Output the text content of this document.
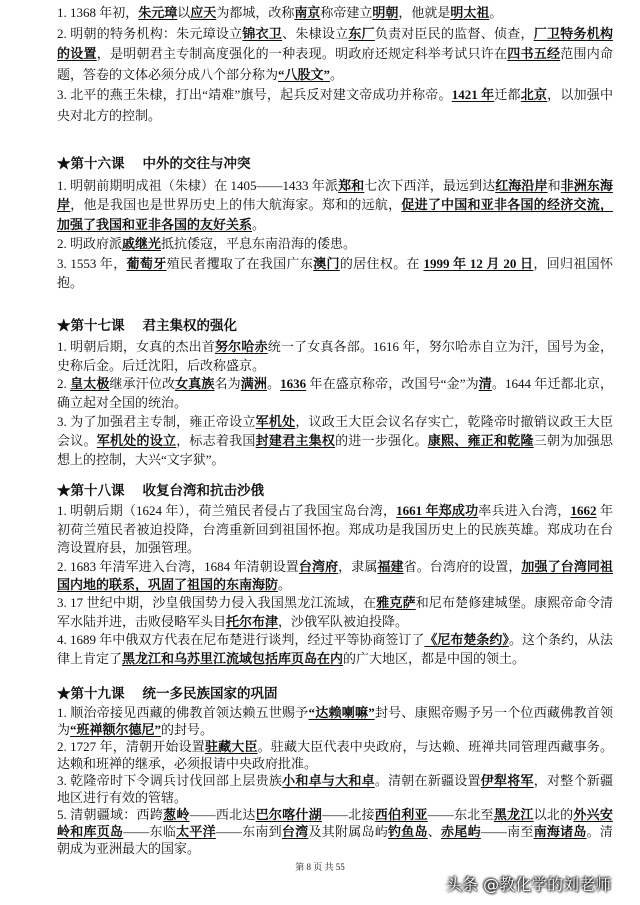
1. 1368 年初，朱元璋以应天为都城，改称南京称帝建立明朝，他就是明太祖。

2. 明朝的特务机构：朱元璋设立锦衣卫、朱棣设立东厂负责对臣民的监督、侦查，厂卫特务机构的设置，是明朝君主专制高度强化的一种表现。明政府还规定科举考试只许在四书五经范围内命题，答卷的文体必须分成八个部分称为“八股文”。

3. 北平的燕王朱棣，打出“靖难”旗号，起兵反对建文帝成功并称帝。1421 年迁都北京，以加强中央对北方的控制。

★第十六课 中外的交往与冲突

1. 明朝前期明成祖（朱棣）在 1405——1433 年派郑和七次下西洋，最远到达红海沿岸和非洲东海岸，他是我国也是世界历史上的伟大航海家。郑和的远航，促进了中国和亚非各国的经济交流，加强了我国和亚非各国的友好关系。

2. 明政府派戚继光抵抗倭寇，平息东南沿海的倭患。

3. 1553 年，葡萄牙殖民者攫取了在我国广东澳门的居住权。在 1999 年 12 月 20 日，回归祖国怀抱。

★第十七课 君主集权的强化

1. 明朝后期，女真的杰出首努尔哈赤统一了女真各部。1616 年，努尔哈赤自立为汗，国号为金，史称后金。后迁沈阳，后改称盛京。

2. 皇太极继承汗位改女真族名为满洲。1636 年在盛京称帝，改国号“金”为清。1644 年迁都北京，确立起对全国的统治。

3. 为了加强君主专制，雍正帝设立军机处，议政王大臣会议名存实亡，乾隆帝时撤销议政王大臣会议。军机处的设立，标志着我国封建君主集权的进一步强化。康熙、雍正和乾隆三朝为加强思想上的控制，大兴“文字狱”。

★第十八课 收复台湾和抗击沙俄

1. 明朝后期（1624 年），荷兰殖民者侵占了我国宝岛台湾，1661 年郑成功率兵进入台湾，1662 年初荷兰殖民者被迫投降，台湾重新回到祖国怀抱。郑成功是我国历史上的民族英雄。郑成功在台湾设置府县，加强管理。

2. 1683 年清军进入台湾，1684 年清朝设置台湾府，隶属福建省。台湾府的设置，加强了台湾同祖国内地的联系，巩固了祖国的东南海防。

3. 17 世纪中期，沙皇俄国势力侵入我国黑龙江流域，在雅克萨和尼布楚修建城堡。康熙帝命令清军水陆并进，击败侵略军头目托尔布津，沙俄军队被迫投降。

4. 1689 年中俄双方代表在尼布楚进行谈判，经过平等协商签订了《尼布楚条约》。这个条约，从法律上肯定了黑龙江和乌苏里江流域包括库页岛在内的广大地区，都是中国的领土。

★第十九课 统一多民族国家的巩固

1. 顺治帝接见西藏的佛教首领达赖五世赐予“达赖喇嘛”封号、康熙帝赐予另一个位西藏佛教首领为“班禅额尔德尼”的封号。

2. 1727 年，清朝开始设置驻藏大臣。驻藏大臣代表中央政府，与达赖、班禅共同管理西藏事务。达赖和班禅的继承，必须报请中央政府批准。

3. 乾隆帝时下令调兵讨伐回部上层贵族小和卓与大和卓。清朝在新疆设置伊犁将军，对整个新疆地区进行有效的管辖。

5. 清朝疆域：西跨葱岭——西北达巴尔喀什湖——北接西伯利亚——东北至黑龙江以北的外兴安岭和库页岛——东临太平洋——东南到台湾及其附属岛屿钓鱼岛、赤尾屿——南至南海诸岛。清朝成为亚洲最大的国家。

第 8 页 共 55
头条 @教化学的刘老师
